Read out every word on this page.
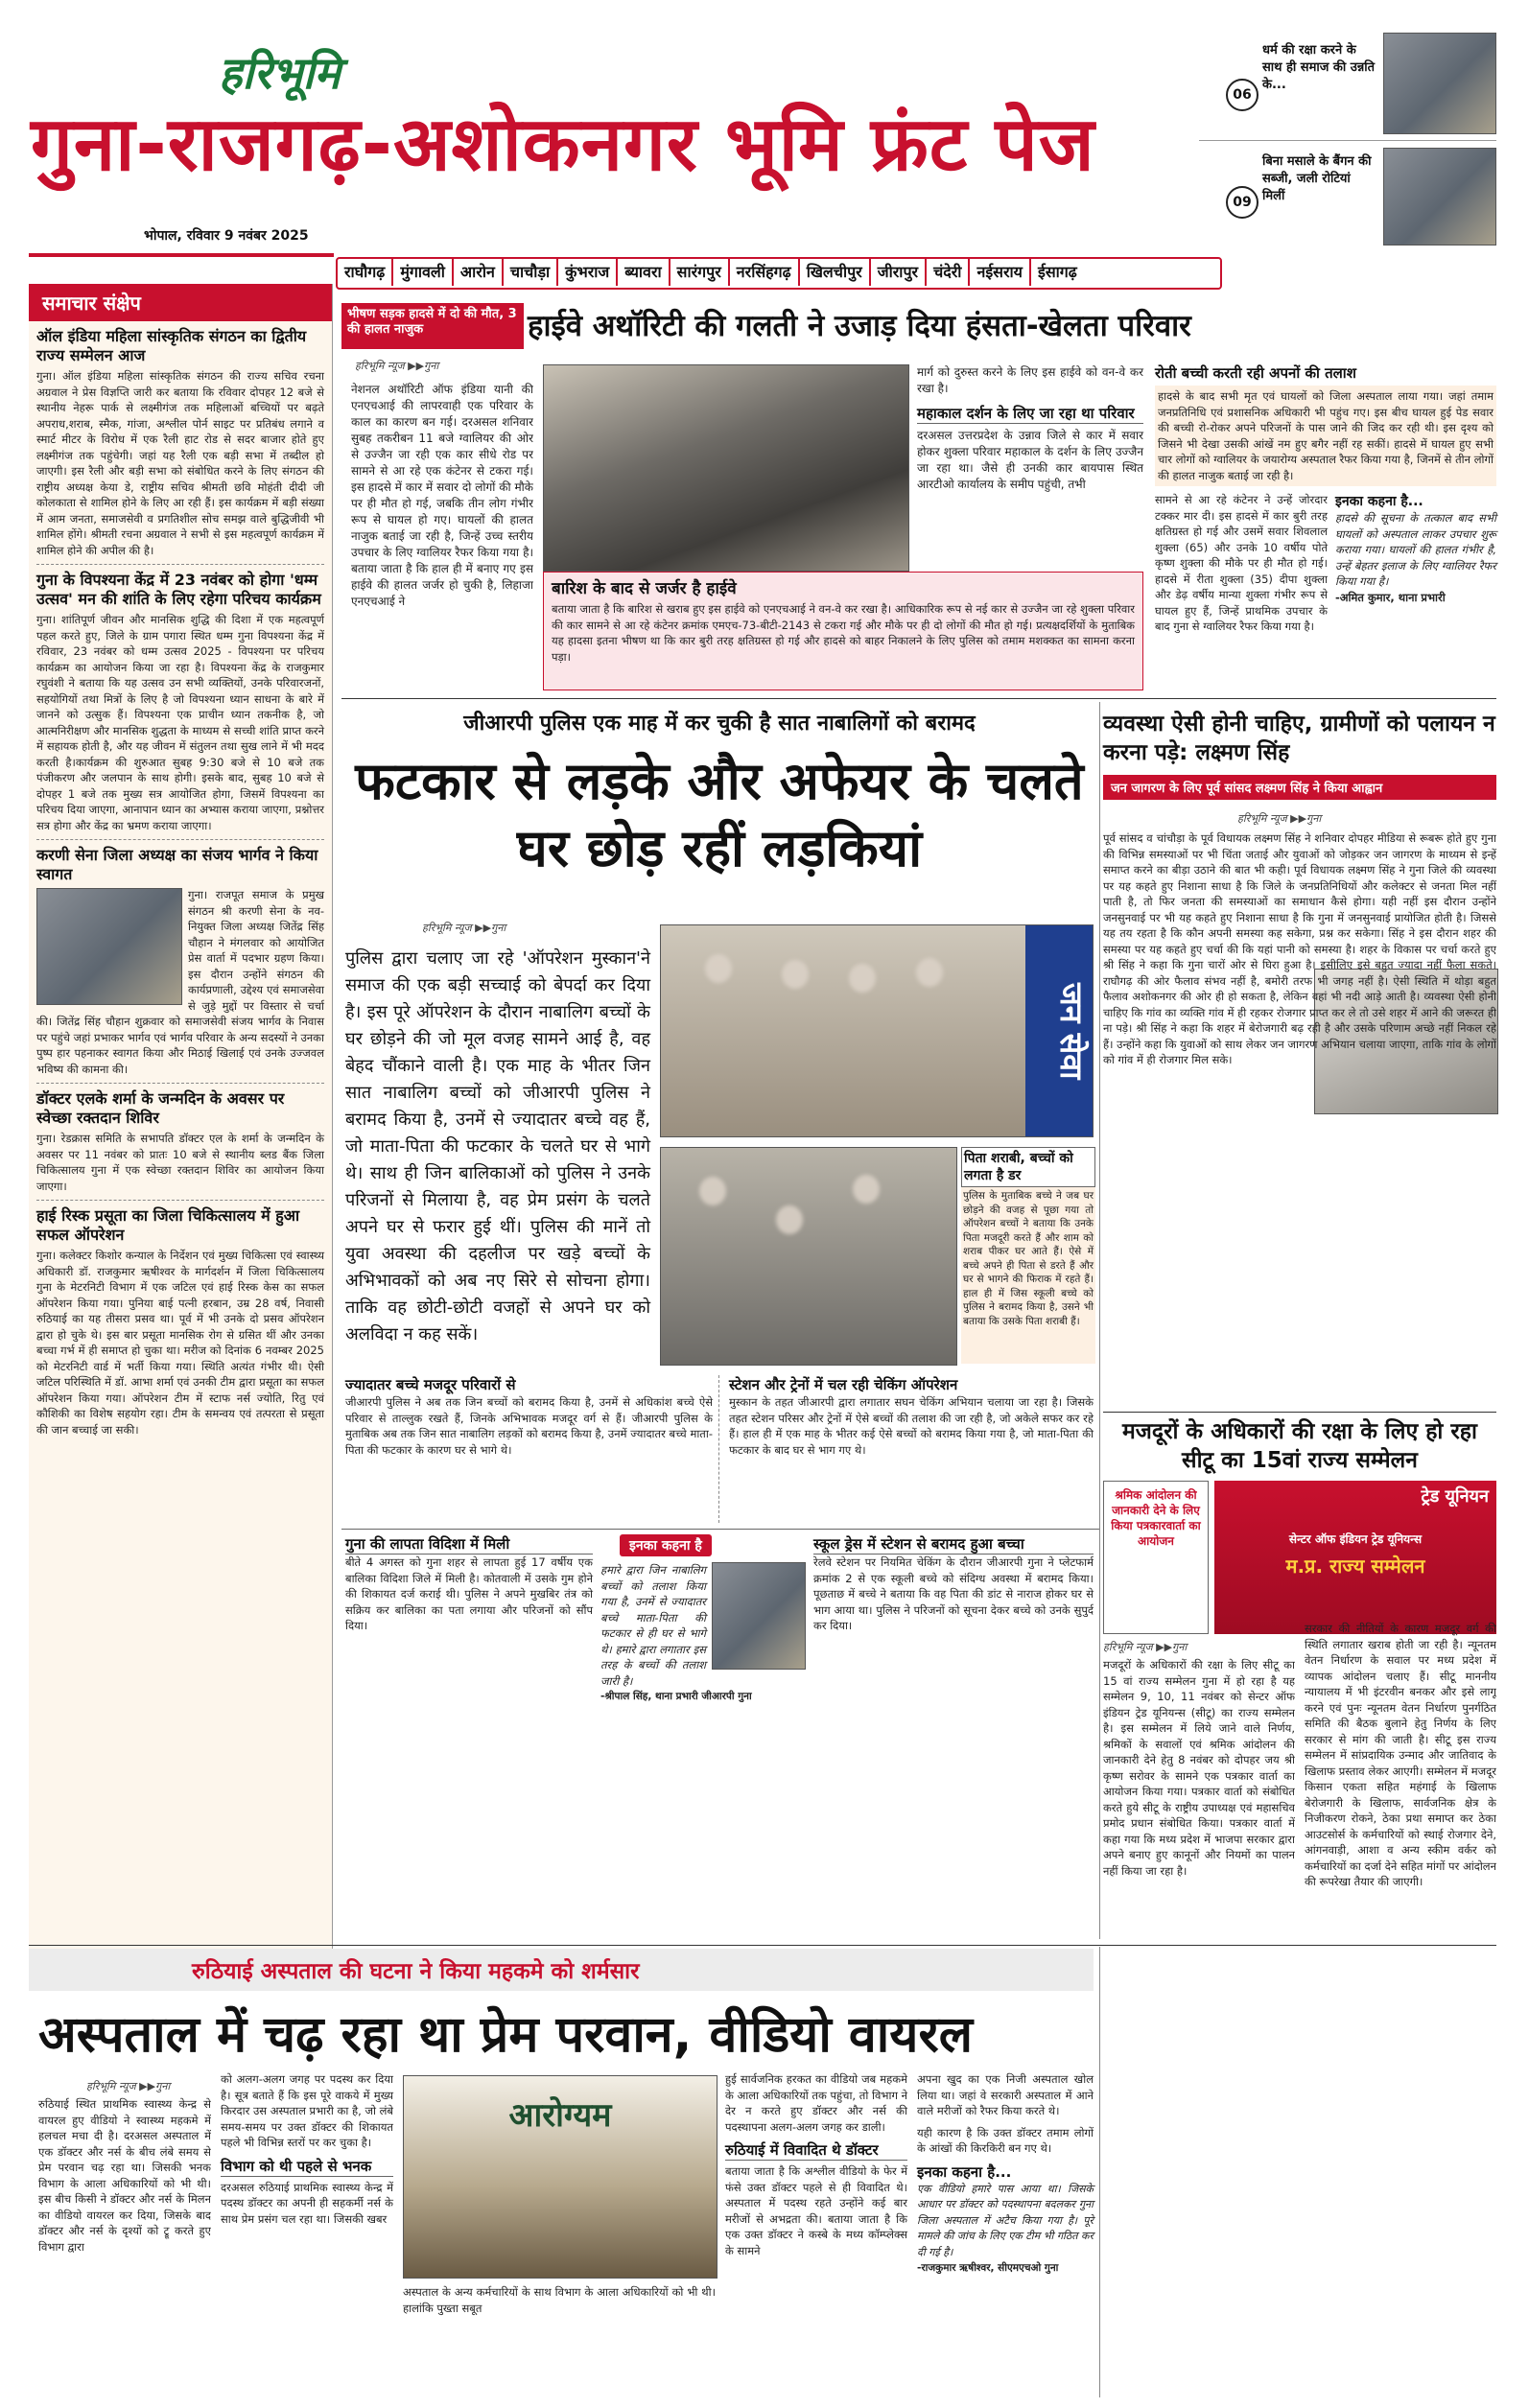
हरिभूमि
गुना-राजगढ़-अशोकनगर भूमि फ्रंट पेज
06
धर्म की रक्षा करने के साथ ही समाज की उन्नति के...
09
बिना मसाले के बैंगन की सब्जी, जली रोटियां मिलीं
भोपाल, रविवार 9 नवंबर 2025
राघौगढ़ मुंगावली आरोन चाचौड़ा कुंभराज ब्यावरा सारंगपुर नरसिंहगढ़ खिलचीपुर जीरापुर चंदेरी नईसराय ईसागढ़
समाचार संक्षेप
ऑल इंडिया महिला सांस्कृतिक संगठन का द्वितीय राज्य सम्मेलन आज
गुना। ऑल इंडिया महिला सांस्कृतिक संगठन की राज्य सचिव रचना अग्रवाल ने प्रेस विज्ञप्ति जारी कर बताया कि रविवार दोपहर 12 बजे से स्थानीय नेहरू पार्क से लक्ष्मीगंज तक महिलाओं बच्चियों पर बढ़ते अपराध,शराब, स्मैक, गांजा, अश्लील पोर्न साइट पर प्रतिबंध लगाने व स्मार्ट मीटर के विरोध में एक रैली हाट रोड से सदर बाजार होते हुए लक्ष्मीगंज तक पहुंचेगी। जहां यह रैली एक बड़ी सभा में तब्दील हो जाएगी। इस रैली और बड़ी सभा को संबोधित करने के लिए संगठन की राष्ट्रीय अध्यक्ष केया डे, राष्ट्रीय सचिव श्रीमती छवि मोहंती दीदी जी कोलकाता से शामिल होने के लिए आ रही हैं। इस कार्यक्रम में बड़ी संख्या में आम जनता, समाजसेवी व प्रगतिशील सोच समझ वाले बुद्धिजीवी भी शामिल होंगे। श्रीमती रचना अग्रवाल ने सभी से इस महत्वपूर्ण कार्यक्रम में शामिल होने की अपील की है।
गुना के विपश्यना केंद्र में 23 नवंबर को होगा 'धम्म उत्सव' मन की शांति के लिए रहेगा परिचय कार्यक्रम
गुना। शांतिपूर्ण जीवन और मानसिक शुद्धि की दिशा में एक महत्वपूर्ण पहल करते हुए, जिले के ग्राम पगारा स्थित धम्म गुना विपश्यना केंद्र में रविवार, 23 नवंबर को धम्म उत्सव 2025 - विपश्यना पर परिचय कार्यक्रम का आयोजन किया जा रहा है। विपश्यना केंद्र के राजकुमार रघुवंशी ने बताया कि यह उत्सव उन सभी व्यक्तियों, उनके परिवारजनों, सहयोगियों तथा मित्रों के लिए है जो विपश्यना ध्यान साधना के बारे में जानने को उत्सुक हैं। विपश्यना एक प्राचीन ध्यान तकनीक है, जो आत्मनिरीक्षण और मानसिक शुद्धता के माध्यम से सच्ची शांति प्राप्त करने में सहायक होती है, और यह जीवन में संतुलन तथा सुख लाने में भी मदद करती है।कार्यक्रम की शुरुआत सुबह 9:30 बजे से 10 बजे तक पंजीकरण और जलपान के साथ होगी। इसके बाद, सुबह 10 बजे से दोपहर 1 बजे तक मुख्य सत्र आयोजित होगा, जिसमें विपश्यना का परिचय दिया जाएगा, आनापान ध्यान का अभ्यास कराया जाएगा, प्रश्नोत्तर सत्र होगा और केंद्र का भ्रमण कराया जाएगा।
करणी सेना जिला अध्यक्ष का संजय भार्गव ने किया स्वागत
गुना। राजपूत समाज के प्रमुख संगठन श्री करणी सेना के नव-नियुक्त जिला अध्यक्ष जितेंद्र सिंह चौहान ने मंगलवार को आयोजित प्रेस वार्ता में पदभार ग्रहण किया। इस दौरान उन्होंने संगठन की कार्यप्रणाली, उद्देश्य एवं समाजसेवा से जुड़े मुद्दों पर विस्तार से चर्चा की। जितेंद्र सिंह चौहान शुक्रवार को समाजसेवी संजय भार्गव के निवास पर पहुंचे जहां प्रभाकर भार्गव एवं भार्गव परिवार के अन्य सदस्यों ने उनका पुष्प हार पहनाकर स्वागत किया और मिठाई खिलाई एवं उनके उज्जवल भविष्य की कामना की।
डॉक्टर एलके शर्मा के जन्मदिन के अवसर पर स्वेच्छा रक्तदान शिविर
गुना। रेडक्रास समिति के सभापति डॉक्टर एल के शर्मा के जन्मदिन के अवसर पर 11 नवंबर को प्रातः 10 बजे से स्थानीय ब्लड बैंक जिला चिकित्सालय गुना में एक स्वेच्छा रक्तदान शिविर का आयोजन किया जाएगा।
हाई रिस्क प्रसूता का जिला चिकित्सालय में हुआ सफल ऑपरेशन
गुना। कलेक्टर किशोर कन्याल के निर्देशन एवं मुख्य चिकित्सा एवं स्वास्थ्य अधिकारी डॉ. राजकुमार ऋषीश्वर के मार्गदर्शन में जिला चिकित्सालय गुना के मेटरनिटी विभाग में एक जटिल एवं हाई रिस्क केस का सफल ऑपरेशन किया गया। पुनिया बाई पत्नी हरबान, उम्र 28 वर्ष, निवासी रुठियाई का यह तीसरा प्रसव था। पूर्व में भी उनके दो प्रसव ऑपरेशन द्वारा हो चुके थे। इस बार प्रसूता मानसिक रोग से ग्रसित थीं और उनका बच्चा गर्भ में ही समाप्त हो चुका था। मरीज को दिनांक 6 नवम्बर 2025 को मेटरनिटी वार्ड में भर्ती किया गया। स्थिति अत्यंत गंभीर थी। ऐसी जटिल परिस्थिति में डॉ. आभा शर्मा एवं उनकी टीम द्वारा प्रसूता का सफल ऑपरेशन किया गया। ऑपरेशन टीम में स्टाफ नर्स ज्योति, रितु एवं कौशिकी का विशेष सहयोग रहा। टीम के समन्वय एवं तत्परता से प्रसूता की जान बच्चाई जा सकी।
भीषण सड़क हादसे में दो की मौत, 3 की हालत नाजुक	हाईवे अथॉरिटी की गलती ने उजाड़ दिया हंसता-खेलता परिवार
हरिभूमि न्यूज ▶▶गुना
नेशनल अथॉरिटी ऑफ इंडिया यानी की एनएचआई की लापरवाही एक परिवार के काल का कारण बन गई। दरअसल शनिवार सुबह तकरीबन 11 बजे ग्वालियर की ओर से उज्जैन जा रही एक कार सीधे रोड पर सामने से आ रहे एक कंटेनर से टकरा गई। इस हादसे में कार में सवार दो लोगों की मौके पर ही मौत हो गई, जबकि तीन लोग गंभीर रूप से घायल हो गए। घायलों की हालत नाजुक बताई जा रही है, जिन्हें उच्च स्तरीय उपचार के लिए ग्वालियर रैफर किया गया है। बताया जाता है कि हाल ही में बनाए गए इस हाईवे की हालत जर्जर हो चुकी है, लिहाजा एनएचआई ने
बारिश के बाद से जर्जर है हाईवे
बताया जाता है कि बारिश से खराब हुए इस हाईवे को एनएचआई ने वन-वे कर रखा है। आधिकारिक रूप से नई कार से उज्जैन जा रहे शुक्ला परिवार की कार सामने से आ रहे कंटेनर क्रमांक एमएच-73-बीटी-2143 से टकरा गई और मौके पर ही दो लोगों की मौत हो गई। प्रत्यक्षदर्शियों के मुताबिक यह हादसा इतना भीषण था कि कार बुरी तरह क्षतिग्रस्त हो गई और हादसे को बाहर निकालने के लिए पुलिस को तमाम मशक्कत का सामना करना पड़ा।
मार्ग को दुरुस्त करने के लिए इस हाईवे को वन-वे कर रखा है।
महाकाल दर्शन के लिए जा रहा था परिवार
दरअसल उत्तरप्रदेश के उन्नाव जिले से कार में सवार होकर शुक्ला परिवार महाकाल के दर्शन के लिए उज्जैन जा रहा था। जैसे ही उनकी कार बायपास स्थित आरटीओ कार्यालय के समीप पहुंची, तभी
रोती बच्ची करती रही अपनों की तलाश
हादसे के बाद सभी मृत एवं घायलों को जिला अस्पताल लाया गया। जहां तमाम जनप्रतिनिधि एवं प्रशासनिक अधिकारी भी पहुंच गए। इस बीच घायल हुई पेड सवार की बच्ची रो-रोकर अपने परिजनों के पास जाने की जिद कर रही थी। इस दृश्य को जिसने भी देखा उसकी आंखें नम हुए बगैर नहीं रह सकीं। हादसे में घायल हुए सभी चार लोगों को ग्वालियर के जयारोग्य अस्पताल रैफर किया गया है, जिनमें से तीन लोगों की हालत नाजुक बताई जा रही है।
सामने से आ रहे कंटेनर ने उन्हें जोरदार टक्कर मार दी। इस हादसे में कार बुरी तरह क्षतिग्रस्त हो गई और उसमें सवार शिवलाल शुक्ला (65) और उनके 10 वर्षीय पोते कृष्ण शुक्ला की मौके पर ही मौत हो गई। हादसे में रीता शुक्ला (35) दीपा शुक्ला और डेढ़ वर्षीय मान्या शुक्ला गंभीर रूप से घायल हुए हैं, जिन्हें प्राथमिक उपचार के बाद गुना से ग्वालियर रैफर किया गया है।
इनका कहना है...
हादसे की सूचना के तत्काल बाद सभी घायलों को अस्पताल लाकर उपचार शुरू कराया गया। घायलों की हालत गंभीर है, उन्हें बेहतर इलाज के लिए ग्वालियर रैफर किया गया है।
-अमित कुमार, थाना प्रभारी
जीआरपी पुलिस एक माह में कर चुकी है सात नाबालिगों को बरामद
फटकार से लड़के और अफेयर के चलते घर छोड़ रहीं लड़कियां
हरिभूमि न्यूज ▶▶गुना
पुलिस द्वारा चलाए जा रहे 'ऑपरेशन मुस्कान'ने समाज की एक बड़ी सच्चाई को बेपर्दा कर दिया है। इस पूरे ऑपरेशन के दौरान नाबालिग बच्चों के घर छोड़ने की जो मूल वजह सामने आई है, वह बेहद चौंकाने वाली है। एक माह के भीतर जिन सात नाबालिग बच्चों को जीआरपी पुलिस ने बरामद किया है, उनमें से ज्यादातर बच्चे वह हैं, जो माता-पिता की फटकार के चलते घर से भागे थे। साथ ही जिन बालिकाओं को पुलिस ने उनके परिजनों से मिलाया है, वह प्रेम प्रसंग के चलते अपने घर से फरार हुई थीं। पुलिस की मानें तो युवा अवस्था की दहलीज पर खड़े बच्चों के अभिभावकों को अब नए सिरे से सोचना होगा। ताकि वह छोटी-छोटी वजहों से अपने घर को अलविदा न कह सकें।
जन सेवा
पिता शराबी, बच्चों को लगता है डर
पुलिस के मुताबिक बच्चे ने जब घर छोड़ने की वजह से पूछा गया तो ऑपरेशन बच्चों ने बताया कि उनके पिता मजदूरी करते हैं और शाम को शराब पीकर घर आते हैं। ऐसे में बच्चे अपने ही पिता से डरते हैं और घर से भागने की फिराक में रहते हैं। हाल ही में जिस स्कूली बच्चे को पुलिस ने बरामद किया है, उसने भी बताया कि उसके पिता शराबी हैं।
ज्यादातर बच्चे मजदूर परिवारों से
जीआरपी पुलिस ने अब तक जिन बच्चों को बरामद किया है, उनमें से अधिकांश बच्चे ऐसे परिवार से ताल्लुक रखते हैं, जिनके अभिभावक मजदूर वर्ग से हैं। जीआरपी पुलिस के मुताबिक अब तक जिन सात नाबालिग लड़कों को बरामद किया है, उनमें ज्यादातर बच्चे माता-पिता की फटकार के कारण घर से भागे थे।
स्टेशन और ट्रेनों में चल रही चेकिंग ऑपरेशन
मुस्कान के तहत जीआरपी द्वारा लगातार सघन चेकिंग अभियान चलाया जा रहा है। जिसके तहत स्टेशन परिसर और ट्रेनों में ऐसे बच्चों की तलाश की जा रही है, जो अकेले सफर कर रहे हैं। हाल ही में एक माह के भीतर कई ऐसे बच्चों को बरामद किया गया है, जो माता-पिता की फटकार के बाद घर से भाग गए थे।
गुना की लापता विदिशा में मिली
बीते 4 अगस्त को गुना शहर से लापता हुई 17 वर्षीय एक बालिका विदिशा जिले में मिली है। कोतवाली में उसके गुम होने की शिकायत दर्ज कराई थी। पुलिस ने अपने मुखबिर तंत्र को सक्रिय कर बालिका का पता लगाया और परिजनों को सौंप दिया।
इनका कहना है
हमारे द्वारा जिन नाबालिग बच्चों को तलाश किया गया है, उनमें से ज्यादातर बच्चे माता-पिता की फटकार से ही घर से भागे थे। हमारे द्वारा लगातार इस तरह के बच्चों की तलाश जारी है।
-श्रीपाल सिंह, थाना प्रभारी जीआरपी गुना
स्कूल ड्रेस में स्टेशन से बरामद हुआ बच्चा
रेलवे स्टेशन पर नियमित चेकिंग के दौरान जीआरपी गुना ने प्लेटफार्म क्रमांक 2 से एक स्कूली बच्चे को संदिग्ध अवस्था में बरामद किया। पूछताछ में बच्चे ने बताया कि वह पिता की डांट से नाराज होकर घर से भाग आया था। पुलिस ने परिजनों को सूचना देकर बच्चे को उनके सुपुर्द कर दिया।
व्यवस्था ऐसी होनी चाहिए, ग्रामीणों को पलायन न करना पड़े: लक्ष्मण सिंह
जन जागरण के लिए पूर्व सांसद लक्ष्मण सिंह ने किया आह्वान
हरिभूमि न्यूज ▶▶गुना
पूर्व सांसद व चांचौड़ा के पूर्व विधायक लक्ष्मण सिंह ने शनिवार दोपहर मीडिया से रूबरू होते हुए गुना की विभिन्न समस्याओं पर भी चिंता जताई और युवाओं को जोड़कर जन जागरण के माध्यम से इन्हें समाप्त करने का बीड़ा उठाने की बात भी कही। पूर्व विधायक लक्ष्मण सिंह ने गुना जिले की व्यवस्था पर यह कहते हुए निशाना साधा है कि जिले के जनप्रतिनिधियों और कलेक्टर से जनता मिल नहीं पाती है, तो फिर जनता की समस्याओं का समाधान कैसे होगा। यही नहीं इस दौरान उन्होंने जनसुनवाई पर भी यह कहते हुए निशाना साधा है कि गुना में जनसुनवाई प्रायोजित होती है। जिससे यह तय रहता है कि कौन अपनी समस्या कह सकेगा, प्रश्न कर सकेगा। सिंह ने इस दौरान शहर की समस्या पर यह कहते हुए चर्चा की कि यहां पानी को समस्या है। शहर के विकास पर चर्चा करते हुए श्री सिंह ने कहा कि गुना चारों ओर से घिरा हुआ है। इसीलिए इसे बहुत ज्यादा नहीं फैला सकते। राघौगढ़ की ओर फैलाव संभव नहीं है, बमोरी तरफ भी जगह नहीं है। ऐसी स्थिति में थोड़ा बहुत फैलाव अशोकनगर की ओर ही हो सकता है, लेकिन वहां भी नदी आड़े आती है। व्यवस्था ऐसी होनी चाहिए कि गांव का व्यक्ति गांव में ही रहकर रोजगार प्राप्त कर ले तो उसे शहर में आने की जरूरत ही ना पड़े। श्री सिंह ने कहा कि शहर में बेरोजगारी बढ़ रही है और उसके परिणाम अच्छे नहीं निकल रहे हैं। उन्होंने कहा कि युवाओं को साथ लेकर जन जागरण अभियान चलाया जाएगा, ताकि गांव के लोगों को गांव में ही रोजगार मिल सके।
मजदूरों के अधिकारों की रक्षा के लिए हो रहा सीटू का 15वां राज्य सम्मेलन
श्रमिक आंदोलन की जानकारी देने के लिए किया पत्रकारवार्ता का आयोजन
ट्रेड यूनियन
सेन्टर ऑफ इंडियन ट्रेड यूनियन्स
म.प्र. राज्य सम्मेलन
हरिभूमि न्यूज ▶▶गुना
मजदूरों के अधिकारों की रक्षा के लिए सीटू का 15 वां राज्य सम्मेलन गुना में हो रहा है यह सम्मेलन 9, 10, 11 नवंबर को सेन्टर ऑफ इंडियन ट्रेड यूनियन्स (सीटू) का राज्य सम्मेलन है। इस सम्मेलन में लिये जाने वाले निर्णय, श्रमिकों के सवालों एवं श्रमिक आंदोलन की जानकारी देने हेतु 8 नवंबर को दोपहर जय श्री कृष्ण सरोवर के सामने एक पत्रकार वार्ता का आयोजन किया गया। पत्रकार वार्ता को संबोधित करते हुये सीटू के राष्ट्रीय उपाध्यक्ष एवं महासचिव प्रमोद प्रधान संबोधित किया। पत्रकार वार्ता में कहा गया कि मध्य प्रदेश में भाजपा सरकार द्वारा अपने बनाए हुए कानूनों और नियमों का पालन नहीं किया जा रहा है।
सरकार की नीतियों के कारण मजदूर वर्ग की स्थिति लगातार खराब होती जा रही है। न्यूनतम वेतन निर्धारण के सवाल पर मध्य प्रदेश में व्यापक आंदोलन चलाए हैं। सीटू माननीय न्यायालय में भी इंटरवीन बनकर और इसे लागू करने एवं पुनः न्यूनतम वेतन निर्धारण पुनर्गठित समिति की बैठक बुलाने हेतु निर्णय के लिए सरकार से मांग की जाती है। सीटू इस राज्य सम्मेलन में सांप्रदायिक उन्माद और जातिवाद के खिलाफ प्रस्ताव लेकर आएगी। सम्मेलन में मजदूर किसान एकता सहित महंगाई के खिलाफ बेरोजगारी के खिलाफ, सार्वजनिक क्षेत्र के निजीकरण रोकने, ठेका प्रथा समाप्त कर ठेका आउटसोर्स के कर्मचारियों को स्थाई रोजगार देने, आंगनवाड़ी, आशा व अन्य स्कीम वर्कर को कर्मचारियों का दर्जा देने सहित मांगों पर आंदोलन की रूपरेखा तैयार की जाएगी।
रुठियाई अस्पताल की घटना ने किया महकमे को शर्मसार
अस्पताल में चढ़ रहा था प्रेम परवान, वीडियो वायरल
हरिभूमि न्यूज ▶▶गुना
रुठियाई स्थित प्राथमिक स्वास्थ्य केन्द्र से वायरल हुए वीडियो ने स्वास्थ्य महकमे में हलचल मचा दी है। दरअसल अस्पताल में एक डॉक्टर और नर्स के बीच लंबे समय से प्रेम परवान चढ़ रहा था। जिसकी भनक विभाग के आला अधिकारियों को भी थी। इस बीच किसी ने डॉक्टर और नर्स के मिलन का वीडियो वायरल कर दिया, जिसके बाद डॉक्टर और नर्स के दृश्यों को ट्रू करते हुए विभाग द्वारा
को अलग-अलग जगह पर पदस्थ कर दिया है। सूत्र बताते हैं कि इस पूरे वाकये में मुख्य किरदार उस अस्पताल प्रभारी का है, जो लंबे समय-समय पर उक्त डॉक्टर की शिकायत पहले भी विभिन्न स्तरों पर कर चुका है।
विभाग को थी पहले से भनक
दरअसल रुठियाई प्राथमिक स्वास्थ्य केन्द्र में पदस्थ डॉक्टर का अपनी ही सहकर्मी नर्स के साथ प्रेम प्रसंग चल रहा था। जिसकी खबर
आरोग्यम
अस्पताल के अन्य कर्मचारियों के साथ विभाग के आला अधिकारियों को भी थी। हालांकि पुख्ता सबूत
हुई सार्वजनिक हरकत का वीडियो जब महकमे के आला अधिकारियों तक पहुंचा, तो विभाग ने देर न करते हुए डॉक्टर और नर्स की पदस्थापना अलग-अलग जगह कर डाली।
रुठियाई में विवादित थे डॉक्टर
बताया जाता है कि अश्लील वीडियो के फेर में फंसे उक्त डॉक्टर पहले से ही विवादित थे। अस्पताल में पदस्थ रहते उन्होंने कई बार मरीजों से अभद्रता की। बताया जाता है कि एक उक्त डॉक्टर ने कस्बे के मध्य कॉम्प्लेक्स के सामने
अपना खुद का एक निजी अस्पताल खोल लिया था। जहां वे सरकारी अस्पताल में आने वाले मरीजों को रैफर किया करते थे।
यही कारण है कि उक्त डॉक्टर तमाम लोगों के आंखों की किरकिरी बन गए थे।
इनका कहना है...
एक वीडियो हमारे पास आया था। जिसके आधार पर डॉक्टर को पदस्थापना बदलकर गुना जिला अस्पताल में अटैच किया गया है। पूरे मामले की जांच के लिए एक टीम भी गठित कर दी गई है।
-राजकुमार ऋषीश्वर, सीएमएचओ गुना
